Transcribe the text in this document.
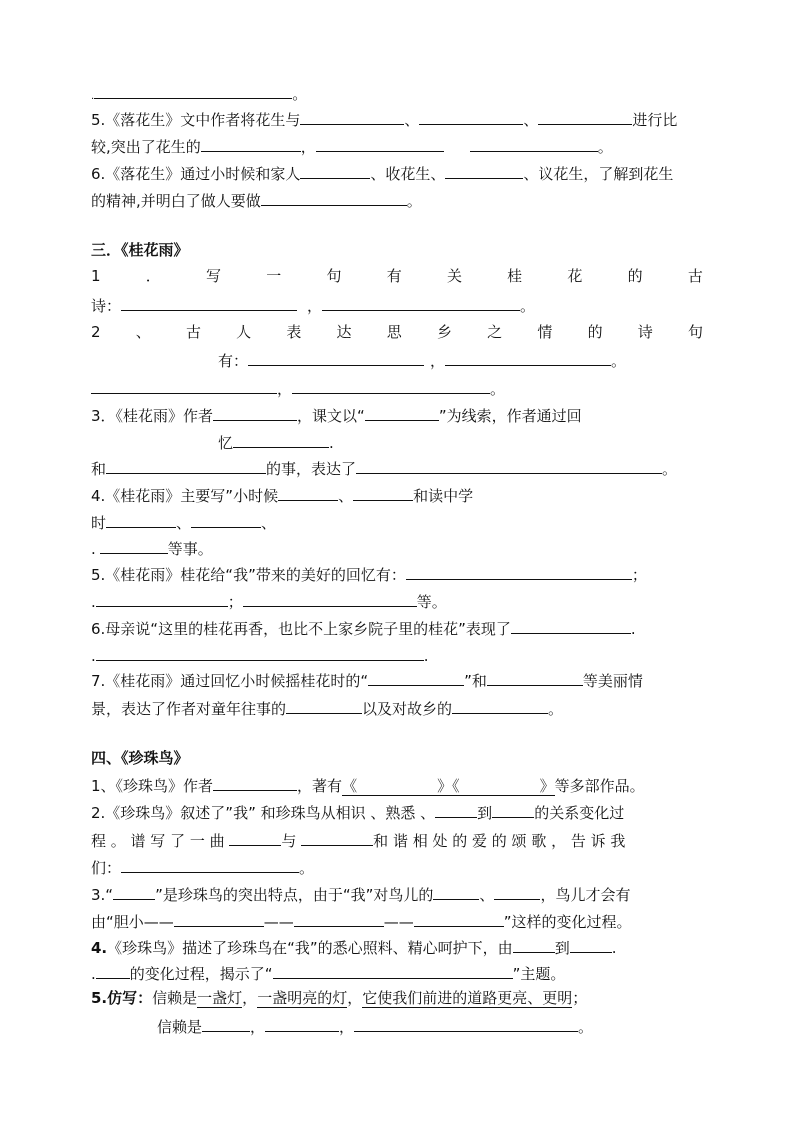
.	。
5.《落花生》文中作者将花生与	、	、	进行比
较,突出了花生的	，	。
6.《落花生》通过小时候和家人	、收花生、	、议花生，了解到花生
的精神,并明白了做人要做	。
三．《桂花雨》
1	．	写	一	句	有	关	桂	花	的	古
诗：	，	。
2 、 古 人 表 达 思 乡 之 情 的 诗 句
有：	，	。
，	。
3．《桂花雨》作者	，课文以“	”为线索，作者通过回
忆	.
和	的事，表达了	。
4.《桂花雨》主要写”小时候	、	和读中学
时	、	、
.	等事。
5.《桂花雨》桂花给“我”带来的美好的回忆有：	；
.	；	等。
6.母亲说“这里的桂花再香，也比不上家乡院子里的桂花”表现了	.
.	.
7.《桂花雨》通过回忆小时候摇桂花时的“	”和	等美丽情
景，表达了作者对童年往事的	以及对故乡的	。
四、《珍珠鸟》
1、《珍珠鸟》作者	，著有《	》《	》等多部作品。
2.《珍珠鸟》叙述了”我” 和珍珠鸟从相识 、熟悉 、	到	的关系变化过
程 。 谱 写 了 一 曲	与	和 谐 相 处 的 爱 的 颂 歌 ， 告 诉 我
们：	。
3.“	”是珍珠鸟的突出特点，由于“我”对鸟儿的	、	，鸟儿才会有
由“胆小——	——	——	”这样的变化过程。
4.《珍珠鸟》描述了珍珠鸟在“我”的悉心照料、精心呵护下，由	到	.
. 的变化过程，揭示了“	”主题。
5.仿写：信赖是一盏灯，一盏明亮的灯，它使我们前进的道路更亮、更明；
信赖是	，	，	。
